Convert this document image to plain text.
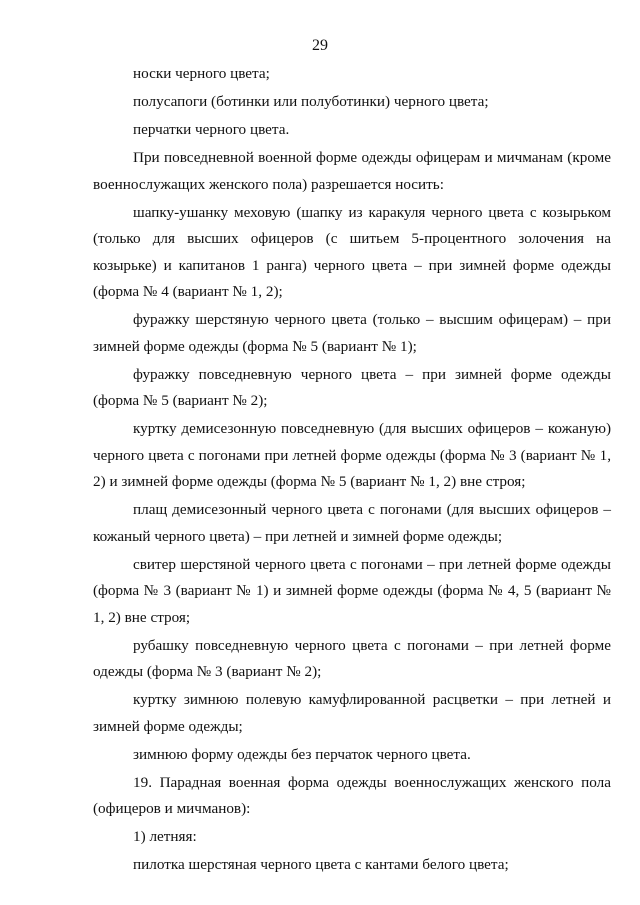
29

носки черного цвета;

полусапоги (ботинки или полуботинки) черного цвета;

перчатки черного цвета.

При повседневной военной форме одежды офицерам и мичманам (кроме военнослужащих женского пола) разрешается носить:

шапку-ушанку меховую (шапку из каракуля черного цвета с козырьком (только для высших офицеров (с шитьем 5-процентного золочения на козырьке) и капитанов 1 ранга) черного цвета – при зимней форме одежды (форма № 4 (вариант № 1, 2);

фуражку шерстяную черного цвета (только – высшим офицерам) – при зимней форме одежды (форма № 5 (вариант № 1);

фуражку повседневную черного цвета – при зимней форме одежды (форма № 5 (вариант № 2);

куртку демисезонную повседневную (для высших офицеров – кожаную) черного цвета с погонами при летней форме одежды (форма № 3 (вариант № 1, 2) и зимней форме одежды (форма № 5 (вариант № 1, 2) вне строя;

плащ демисезонный черного цвета с погонами (для высших офицеров – кожаный черного цвета) – при летней и зимней форме одежды;

свитер шерстяной черного цвета с погонами – при летней форме одежды (форма № 3 (вариант № 1) и зимней форме одежды (форма № 4, 5 (вариант № 1, 2) вне строя;

рубашку повседневную черного цвета с погонами – при летней форме одежды (форма № 3 (вариант № 2);

куртку зимнюю полевую камуфлированной расцветки – при летней и зимней форме одежды;

зимнюю форму одежды без перчаток черного цвета.

19. Парадная военная форма одежды военнослужащих женского пола (офицеров и мичманов):

1) летняя:

пилотка шерстяная черного цвета с кантами белого цвета;
